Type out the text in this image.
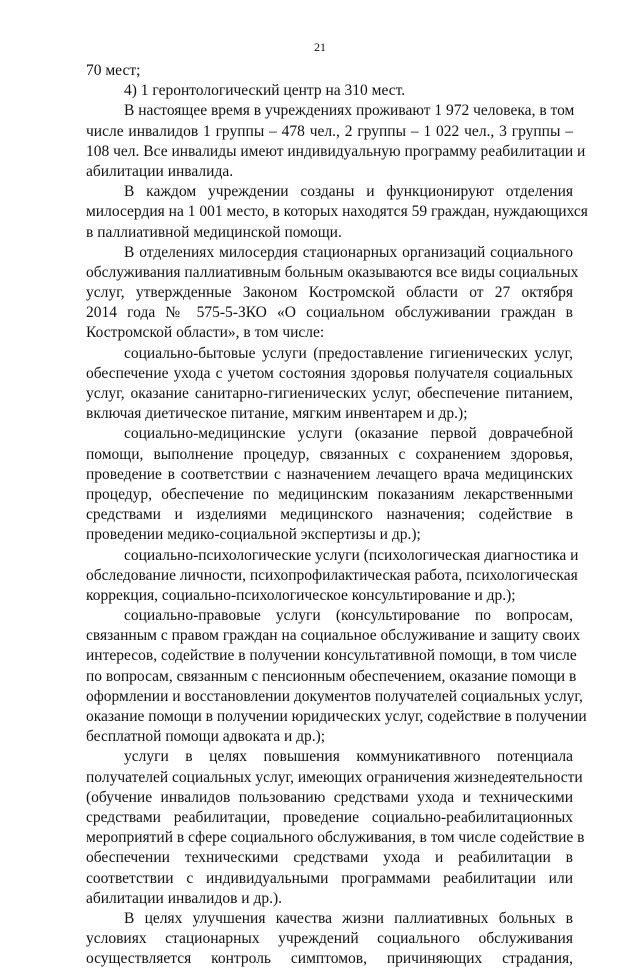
21
70 мест;
4) 1 геронтологический центр на 310 мест.
В настоящее время в учреждениях проживают 1 972 человека, в том
числе инвалидов 1 группы – 478 чел., 2 группы – 1 022 чел., 3 группы –
108 чел. Все инвалиды имеют индивидуальную программу реабилитации и
абилитации инвалида.
В каждом учреждении созданы и функционируют отделения
милосердия на 1 001 место, в которых находятся 59 граждан, нуждающихся
в паллиативной медицинской помощи.
В отделениях милосердия стационарных организаций социального
обслуживания паллиативным больным оказываются все виды социальных
услуг, утвержденные Законом Костромской области от 27 октября
2014 года № 575-5-ЗКО «О социальном обслуживании граждан в
Костромской области», в том числе:
социально-бытовые услуги (предоставление гигиенических услуг,
обеспечение ухода с учетом состояния здоровья получателя социальных
услуг, оказание санитарно-гигиенических услуг, обеспечение питанием,
включая диетическое питание, мягким инвентарем и др.);
социально-медицинские услуги (оказание первой доврачебной
помощи, выполнение процедур, связанных с сохранением здоровья,
проведение в соответствии с назначением лечащего врача медицинских
процедур, обеспечение по медицинским показаниям лекарственными
средствами и изделиями медицинского назначения; содействие в
проведении медико-социальной экспертизы и др.);
социально-психологические услуги (психологическая диагностика и
обследование личности, психопрофилактическая работа, психологическая
коррекция, социально-психологическое консультирование и др.);
социально-правовые услуги (консультирование по вопросам,
связанным с правом граждан на социальное обслуживание и защиту своих
интересов, содействие в получении консультативной помощи, в том числе
по вопросам, связанным с пенсионным обеспечением, оказание помощи в
оформлении и восстановлении документов получателей социальных услуг,
оказание помощи в получении юридических услуг, содействие в получении
бесплатной помощи адвоката и др.);
услуги в целях повышения коммуникативного потенциала
получателей социальных услуг, имеющих ограничения жизнедеятельности
(обучение инвалидов пользованию средствами ухода и техническими
средствами реабилитации, проведение социально-реабилитационных
мероприятий в сфере социального обслуживания, в том числе содействие в
обеспечении техническими средствами ухода и реабилитации в
соответствии с индивидуальными программами реабилитации или
абилитации инвалидов и др.).
В целях улучшения качества жизни паллиативных больных в
условиях стационарных учреждений социального обслуживания
осуществляется контроль симптомов, причиняющих страдания,
